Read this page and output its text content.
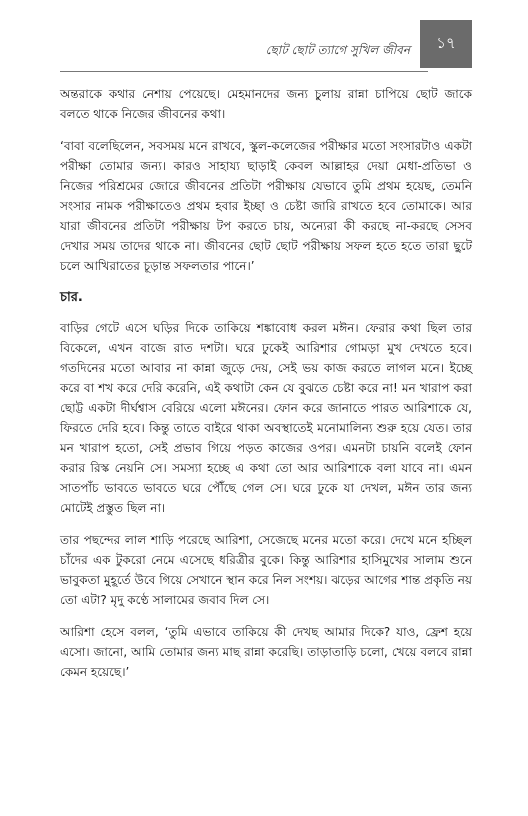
ছোট ছোট ত্যাগে সুখিল জীবন ১৭

অন্তরাকে কথার নেশায় পেয়েছে। মেহমানদের জন্য চুলায় রান্না চাপিয়ে ছোট জাকে বলতে থাকে নিজের জীবনের কথা।

‘বাবা বলেছিলেন, সবসময় মনে রাখবে, স্কুল-কলেজের পরীক্ষার মতো সংসারটাও একটা পরীক্ষা তোমার জন্য। কারও সাহায্য ছাড়াই কেবল আল্লাহর দেয়া মেধা-প্রতিভা ও নিজের পরিশ্রমের জোরে জীবনের প্রতিটা পরীক্ষায় যেভাবে তুমি প্রথম হয়েছ, তেমনি সংসার নামক পরীক্ষাতেও প্রথম হবার ইচ্ছা ও চেষ্টা জারি রাখতে হবে তোমাকে। আর যারা জীবনের প্রতিটা পরীক্ষায় টপ করতে চায়, অন্যেরা কী করছে না-করছে সেসব দেখার সময় তাদের থাকে না। জীবনের ছোট ছোট পরীক্ষায় সফল হতে হতে তারা ছুটে চলে আখিরাতের চূড়ান্ত সফলতার পানে।’

চার.

বাড়ির গেটে এসে ঘড়ির দিকে তাকিয়ে শঙ্কাবোধ করল মঈন। ফেরার কথা ছিল তার বিকেলে, এখন বাজে রাত দশটা। ঘরে ঢুকেই আরিশার গোমড়া মুখ দেখতে হবে। গতদিনের মতো আবার না কান্না জুড়ে দেয়, সেই ভয় কাজ করতে লাগল মনে। ইচ্ছে করে বা শখ করে দেরি করেনি, এই কথাটা কেন যে বুঝতে চেষ্টা করে না! মন খারাপ করা ছোট্ট একটা দীর্ঘশ্বাস বেরিয়ে এলো মঈনের। ফোন করে জানাতে পারত আরিশাকে যে, ফিরতে দেরি হবে। কিন্তু তাতে বাইরে থাকা অবস্থাতেই মনোমালিন্য শুরু হয়ে যেত। তার মন খারাপ হতো, সেই প্রভাব গিয়ে পড়ত কাজের ওপর। এমনটা চায়নি বলেই ফোন করার রিস্ক নেয়নি সে। সমস্যা হচ্ছে এ কথা তো আর আরিশাকে বলা যাবে না। এমন সাতপাঁচ ভাবতে ভাবতে ঘরে পৌঁছে গেল সে। ঘরে ঢুকে যা দেখল, মঈন তার জন্য মোটেই প্রস্তুত ছিল না।

তার পছন্দের লাল শাড়ি পরেছে আরিশা, সেজেছে মনের মতো করে। দেখে মনে হচ্ছিল চাঁদের এক টুকরো নেমে এসেছে ধরিত্রীর বুকে। কিন্তু আরিশার হাসিমুখের সালাম শুনে ভাবুকতা মুহূর্তে উবে গিয়ে সেখানে স্থান করে নিল সংশয়। ঝড়ের আগের শান্ত প্রকৃতি নয় তো এটা? মৃদু কণ্ঠে সালামের জবাব দিল সে।

আরিশা হেসে বলল, ‘তুমি এভাবে তাকিয়ে কী দেখছ আমার দিকে? যাও, ফ্রেশ হয়ে এসো। জানো, আমি তোমার জন্য মাছ রান্না করেছি। তাড়াতাড়ি চলো, খেয়ে বলবে রান্না কেমন হয়েছে।’
